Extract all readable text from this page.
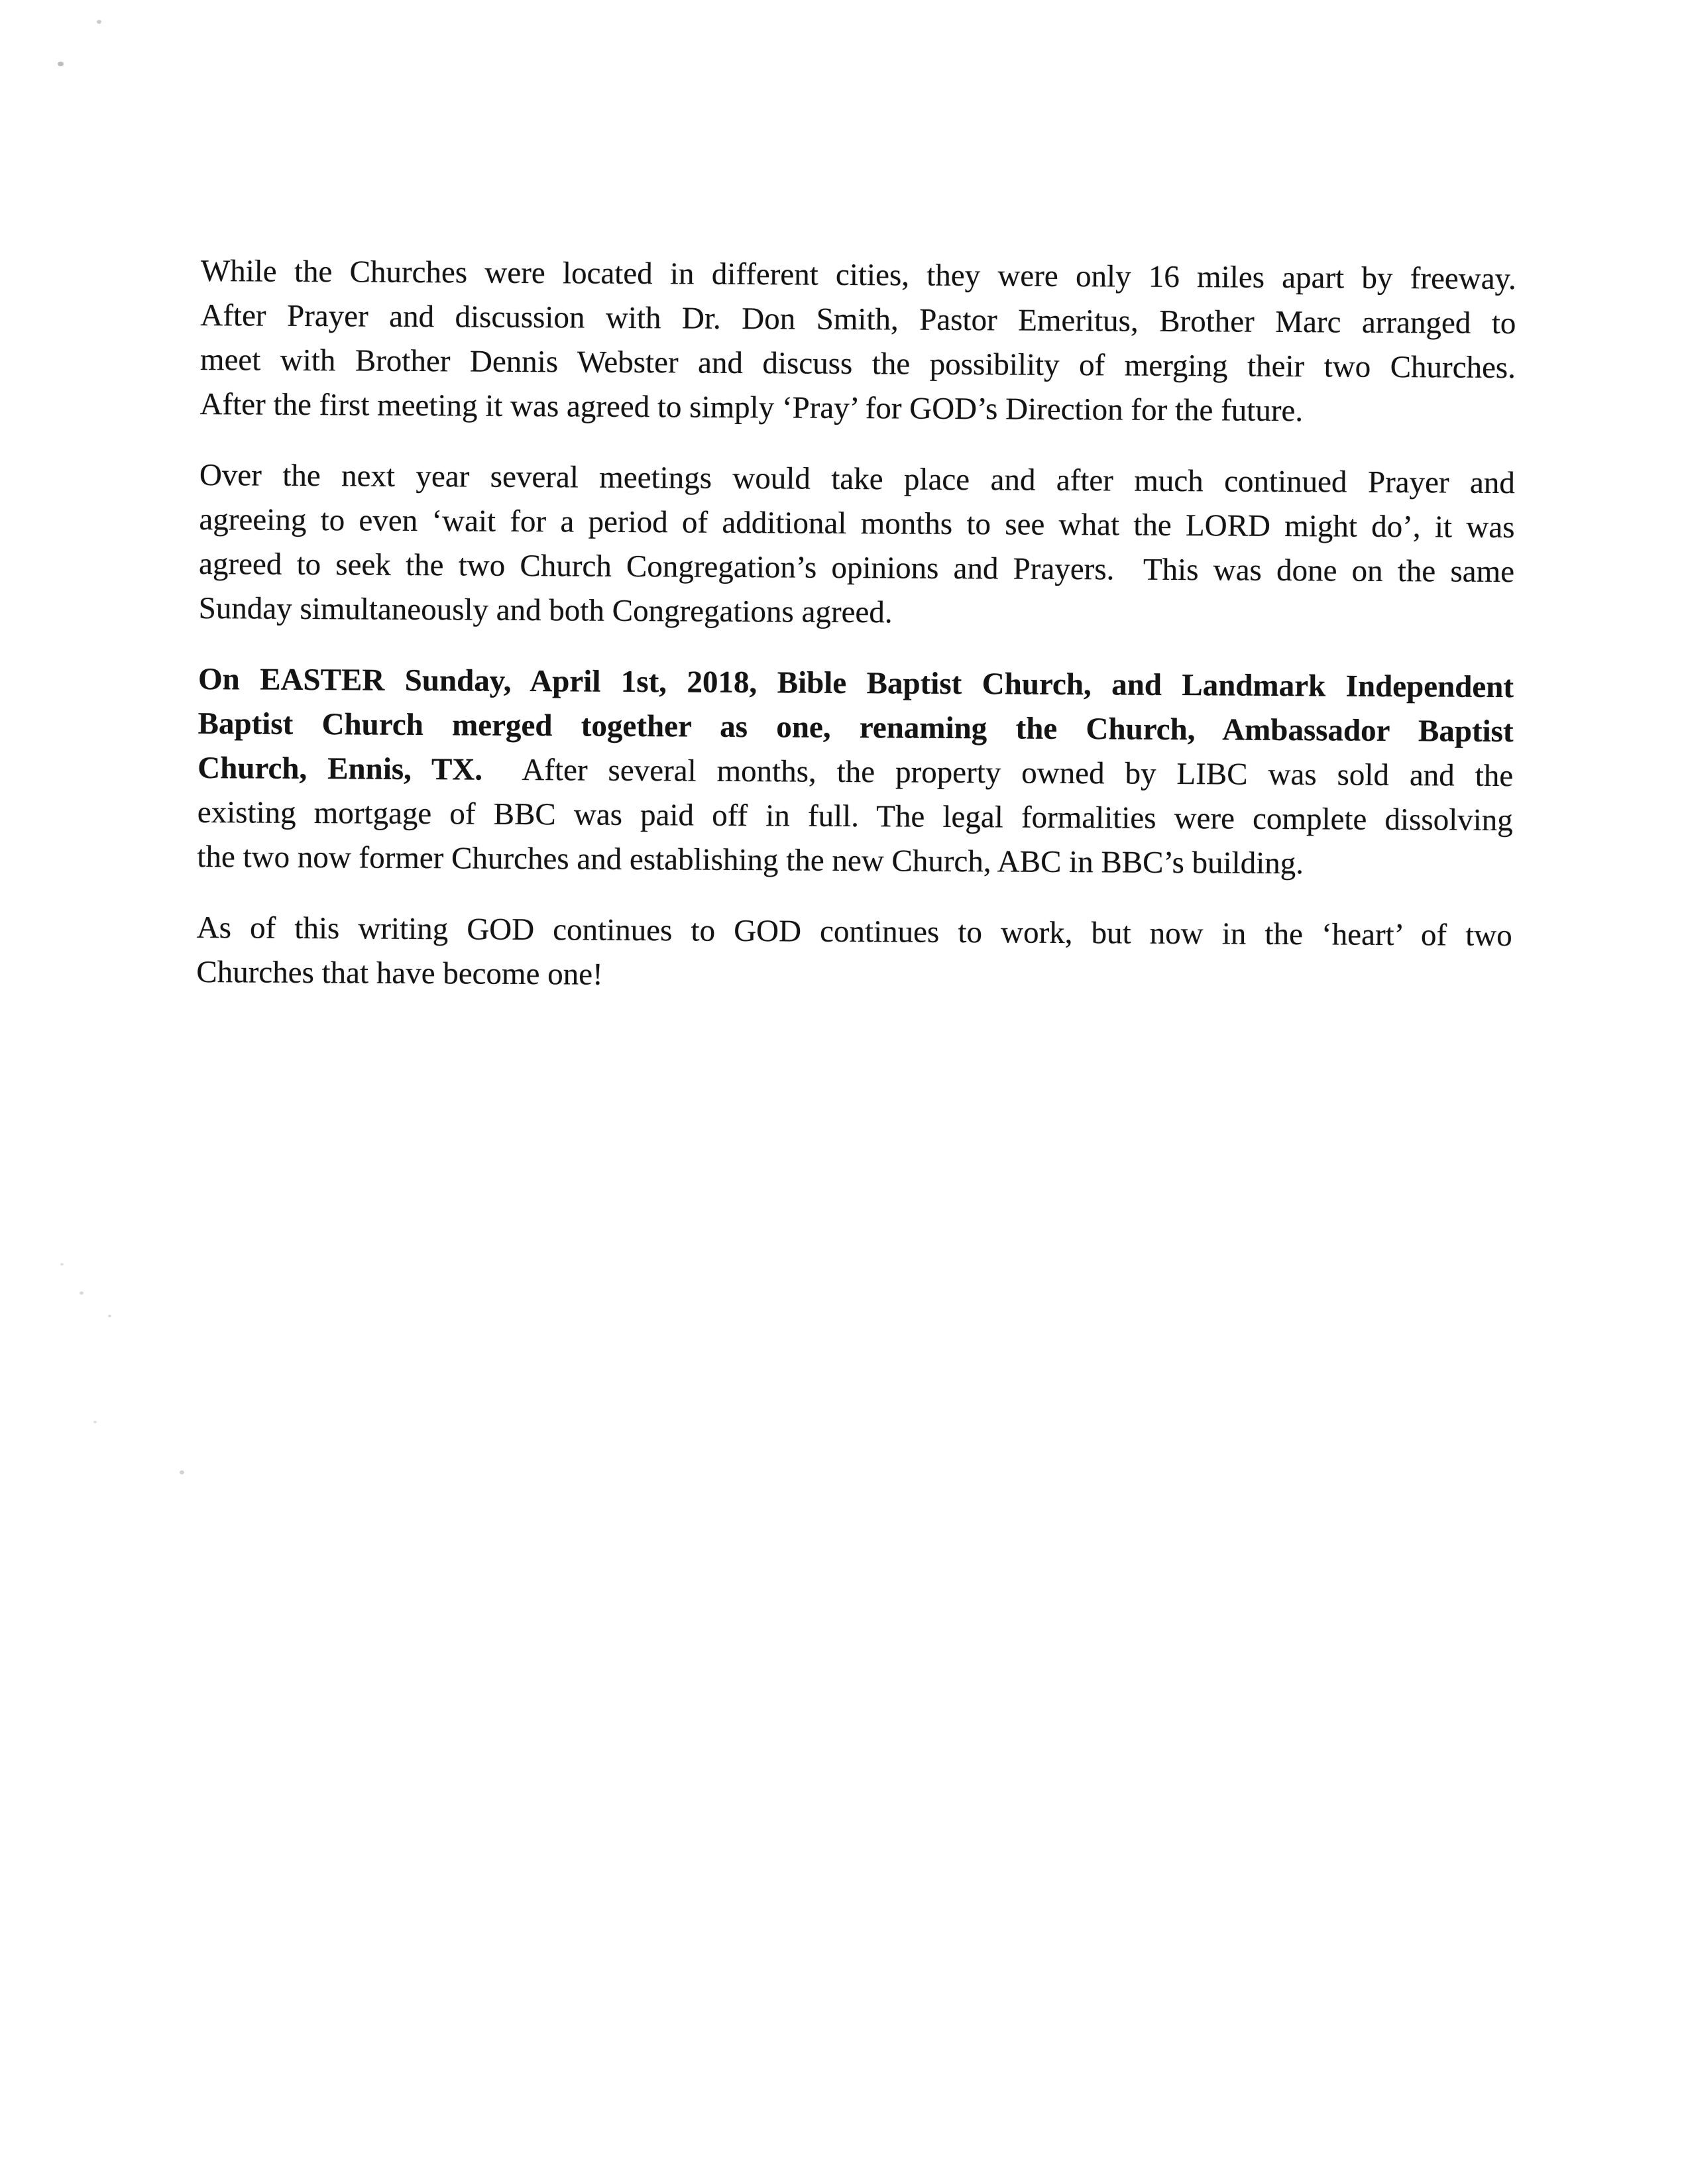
While the Churches were located in different cities, they were only 16 miles apart by freeway.
After Prayer and discussion with Dr. Don Smith, Pastor Emeritus, Brother Marc arranged to
meet with Brother Dennis Webster and discuss the possibility of merging their two Churches.
After the first meeting it was agreed to simply ‘Pray’ for GOD’s Direction for the future.
Over the next year several meetings would take place and after much continued Prayer and
agreeing to even ‘wait for a period of additional months to see what the LORD might do’, it was
agreed to seek the two Church Congregation’s opinions and Prayers.  This was done on the same
Sunday simultaneously and both Congregations agreed.
On EASTER Sunday, April 1st, 2018, Bible Baptist Church, and Landmark Independent
Baptist Church merged together as one, renaming the Church, Ambassador Baptist
Church, Ennis, TX.  After several months, the property owned by LIBC was sold and the
existing mortgage of BBC was paid off in full. The legal formalities were complete dissolving
the two now former Churches and establishing the new Church, ABC in BBC’s building.
As of this writing GOD continues to GOD continues to work, but now in the ‘heart’ of two
Churches that have become one!
